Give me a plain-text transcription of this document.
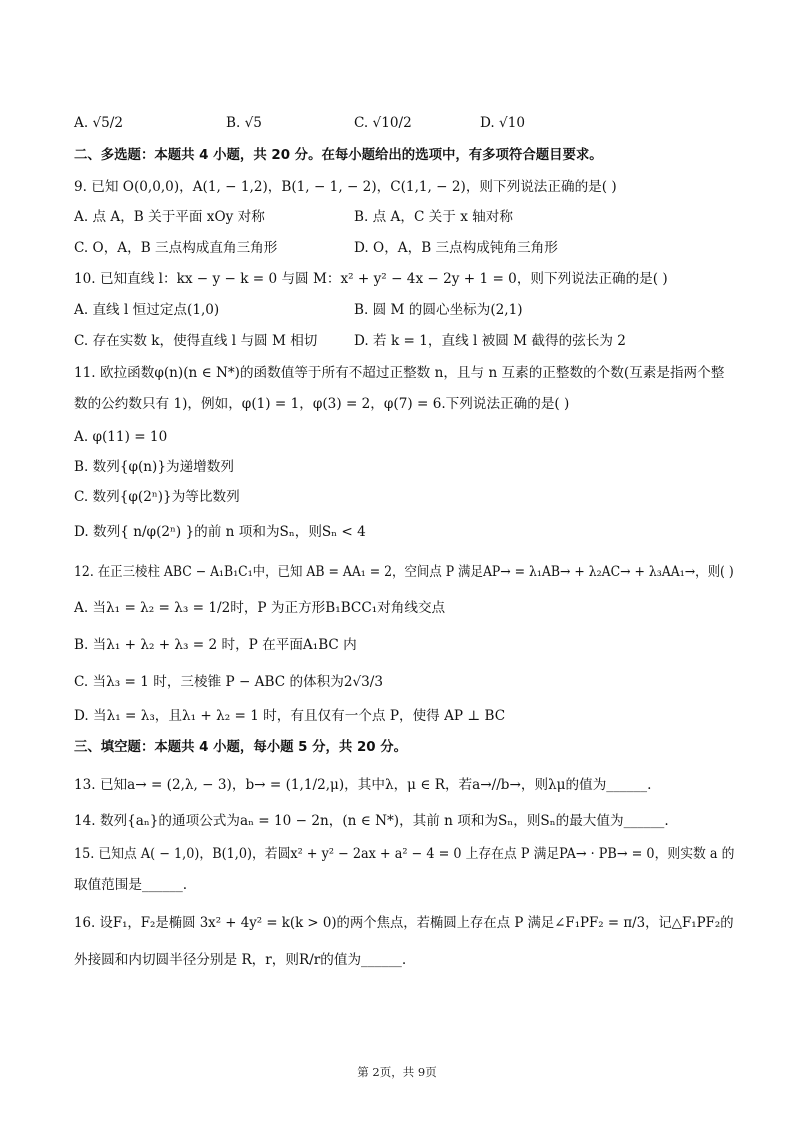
A. √5/2	B. √5	C. √10/2	D. √10
二、多选题：本题共 4 小题，共 20 分。在每小题给出的选项中，有多项符合题目要求。
9. 已知 O(0,0,0)，A(1, − 1,2)，B(1, − 1, − 2)，C(1,1, − 2)，则下列说法正确的是( )
A. 点 A，B 关于平面 xOy 对称	B. 点 A，C 关于 x 轴对称
C. O，A，B 三点构成直角三角形	D. O，A，B 三点构成钝角三角形
10. 已知直线 l：kx − y − k = 0 与圆 M：x² + y² − 4x − 2y + 1 = 0，则下列说法正确的是( )
A. 直线 l 恒过定点(1,0)	B. 圆 M 的圆心坐标为(2,1)
C. 存在实数 k，使得直线 l 与圆 M 相切	D. 若 k = 1，直线 l 被圆 M 截得的弦长为 2
11. 欧拉函数φ(n)(n ∈ N*)的函数值等于所有不超过正整数 n，且与 n 互素的正整数的个数(互素是指两个整
数的公约数只有 1)，例如，φ(1) = 1，φ(3) = 2，φ(7) = 6.下列说法正确的是( )
A. φ(11) = 10
B. 数列{φ(n)}为递增数列
C. 数列{φ(2ⁿ)}为等比数列
D. 数列{ n/φ(2ⁿ) }的前 n 项和为Sₙ，则Sₙ < 4
12. 在正三棱柱 ABC − A₁B₁C₁中，已知 AB = AA₁ = 2，空间点 P 满足AP→ = λ₁AB→ + λ₂AC→ + λ₃AA₁→，则( )
A. 当λ₁ = λ₂ = λ₃ = 1/2时，P 为正方形B₁BCC₁对角线交点
B. 当λ₁ + λ₂ + λ₃ = 2 时，P 在平面A₁BC 内
C. 当λ₃ = 1 时，三棱锥 P − ABC 的体积为2√3/3
D. 当λ₁ = λ₃，且λ₁ + λ₂ = 1 时，有且仅有一个点 P，使得 AP ⊥ BC
三、填空题：本题共 4 小题，每小题 5 分，共 20 分。
13. 已知a→ = (2,λ, − 3)，b→ = (1,1/2,μ)，其中λ，μ ∈ R，若a→//b→，则λμ的值为______.
14. 数列{aₙ}的通项公式为aₙ = 10 − 2n，(n ∈ N*)，其前 n 项和为Sₙ，则Sₙ的最大值为______.
15. 已知点 A( − 1,0)，B(1,0)，若圆x² + y² − 2ax + a² − 4 = 0 上存在点 P 满足PA→ · PB→ = 0，则实数 a 的
取值范围是______.
16. 设F₁，F₂是椭圆 3x² + 4y² = k(k > 0)的两个焦点，若椭圆上存在点 P 满足∠F₁PF₂ = π/3，记△F₁PF₂的
外接圆和内切圆半径分别是 R，r，则R/r的值为______.
第 2页，共 9页
